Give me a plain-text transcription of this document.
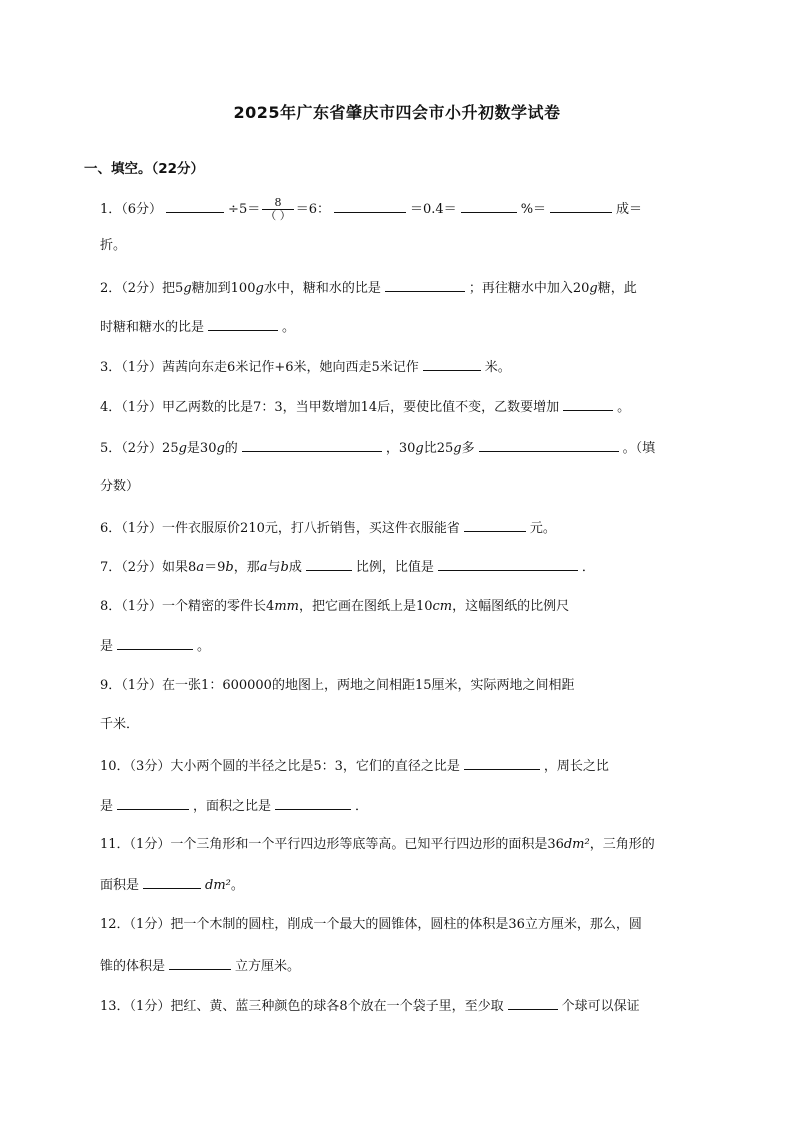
2025年广东省肇庆市四会市小升初数学试卷
一、填空。（22分）
1．（6分）	$\div 5= \frac{8}{( )} =6$：	＝0.4＝	%＝	成＝
折。
2．（2分）把5g糖加到100g水中，糖和水的比是	；再往糖水中加入20g糖，此
时糖和糖水的比是	。
3．（1分）茜茜向东走6米记作+6米，她向西走5米记作	米。
4．（1分）甲乙两数的比是7：3，当甲数增加14后，要使比值不变，乙数要增加	。
5．（2分）25g是30g的	，30g比25g多	。（填
分数）
6．（1分）一件衣服原价210元，打八折销售，买这件衣服能省	元。
7．（2分）如果8a＝9b，那a与b成	比例，比值是	．
8．（1分）一个精密的零件长4mm，把它画在图纸上是10cm，这幅图纸的比例尺
是	。
9．（1分）在一张1：600000的地图上，两地之间相距15厘米，实际两地之间相距
千米．
10．（3分）大小两个圆的半径之比是5：3，它们的直径之比是	，周长之比
是	，面积之比是	．
11．（1分）一个三角形和一个平行四边形等底等高。已知平行四边形的面积是36dm²，三角形的
面积是	dm²。
12．（1分）把一个木制的圆柱，削成一个最大的圆锥体，圆柱的体积是36立方厘米，那么，圆
锥的体积是	立方厘米。
13．（1分）把红、黄、蓝三种颜色的球各8个放在一个袋子里，至少取	个球可以保证
